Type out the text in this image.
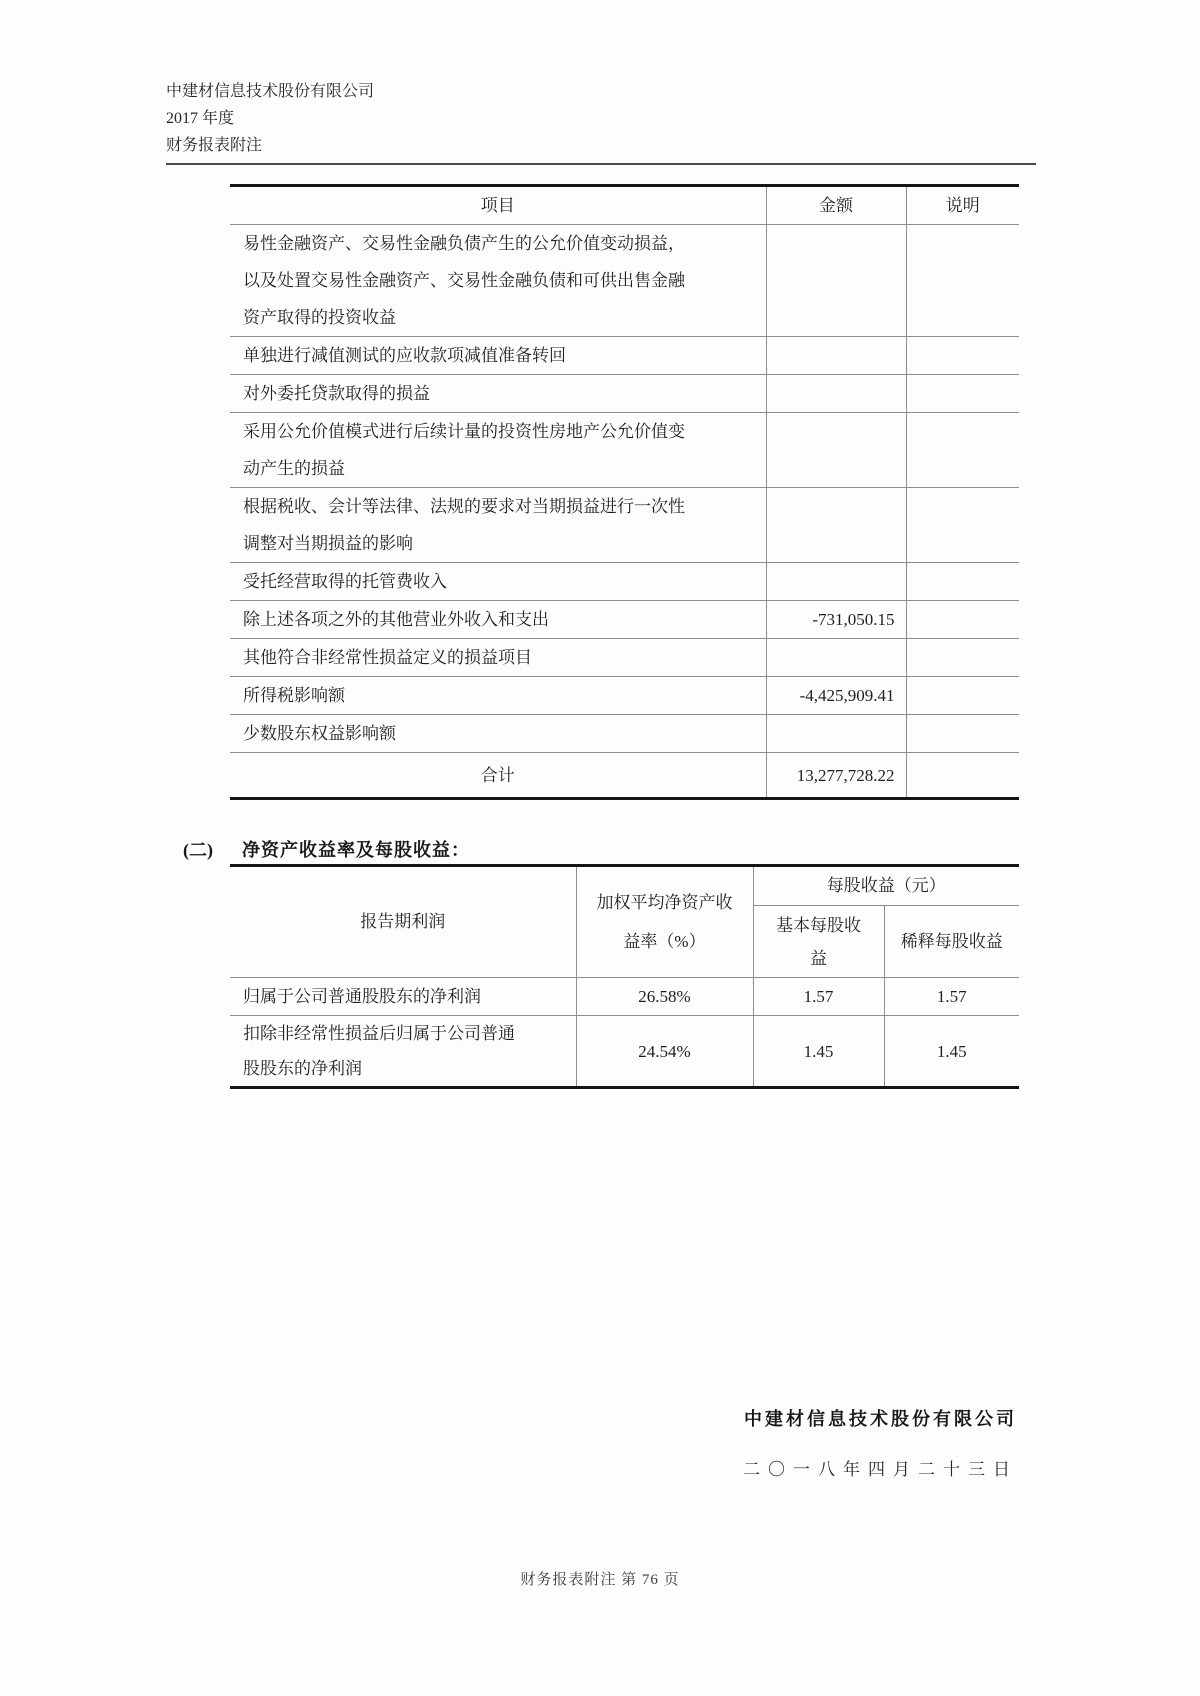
中建材信息技术股份有限公司
2017 年度
财务报表附注
项目	金额	说明
易性金融资产、交易性金融负债产生的公允价值变动损益，以及处置交易性金融资产、交易性金融负债和可供出售金融资产取得的投资收益		
单独进行减值测试的应收款项减值准备转回		
对外委托贷款取得的损益		
采用公允价值模式进行后续计量的投资性房地产公允价值变动产生的损益		
根据税收、会计等法律、法规的要求对当期损益进行一次性调整对当期损益的影响		
受托经营取得的托管费收入		
除上述各项之外的其他营业外收入和支出	-731,050.15	
其他符合非经常性损益定义的损益项目		
所得税影响额	-4,425,909.41	
少数股东权益影响额		
合计	13,277,728.22	
(二) 净资产收益率及每股收益：
报告期利润	加权平均净资产收益率（%）	每股收益（元）	
		基本每股收益	稀释每股收益
归属于公司普通股股东的净利润	26.58%	1.57	1.57
扣除非经常性损益后归属于公司普通股股东的净利润	24.54%	1.45	1.45
中建材信息技术股份有限公司
二〇一八年四月二十三日
财务报表附注 第 76 页
